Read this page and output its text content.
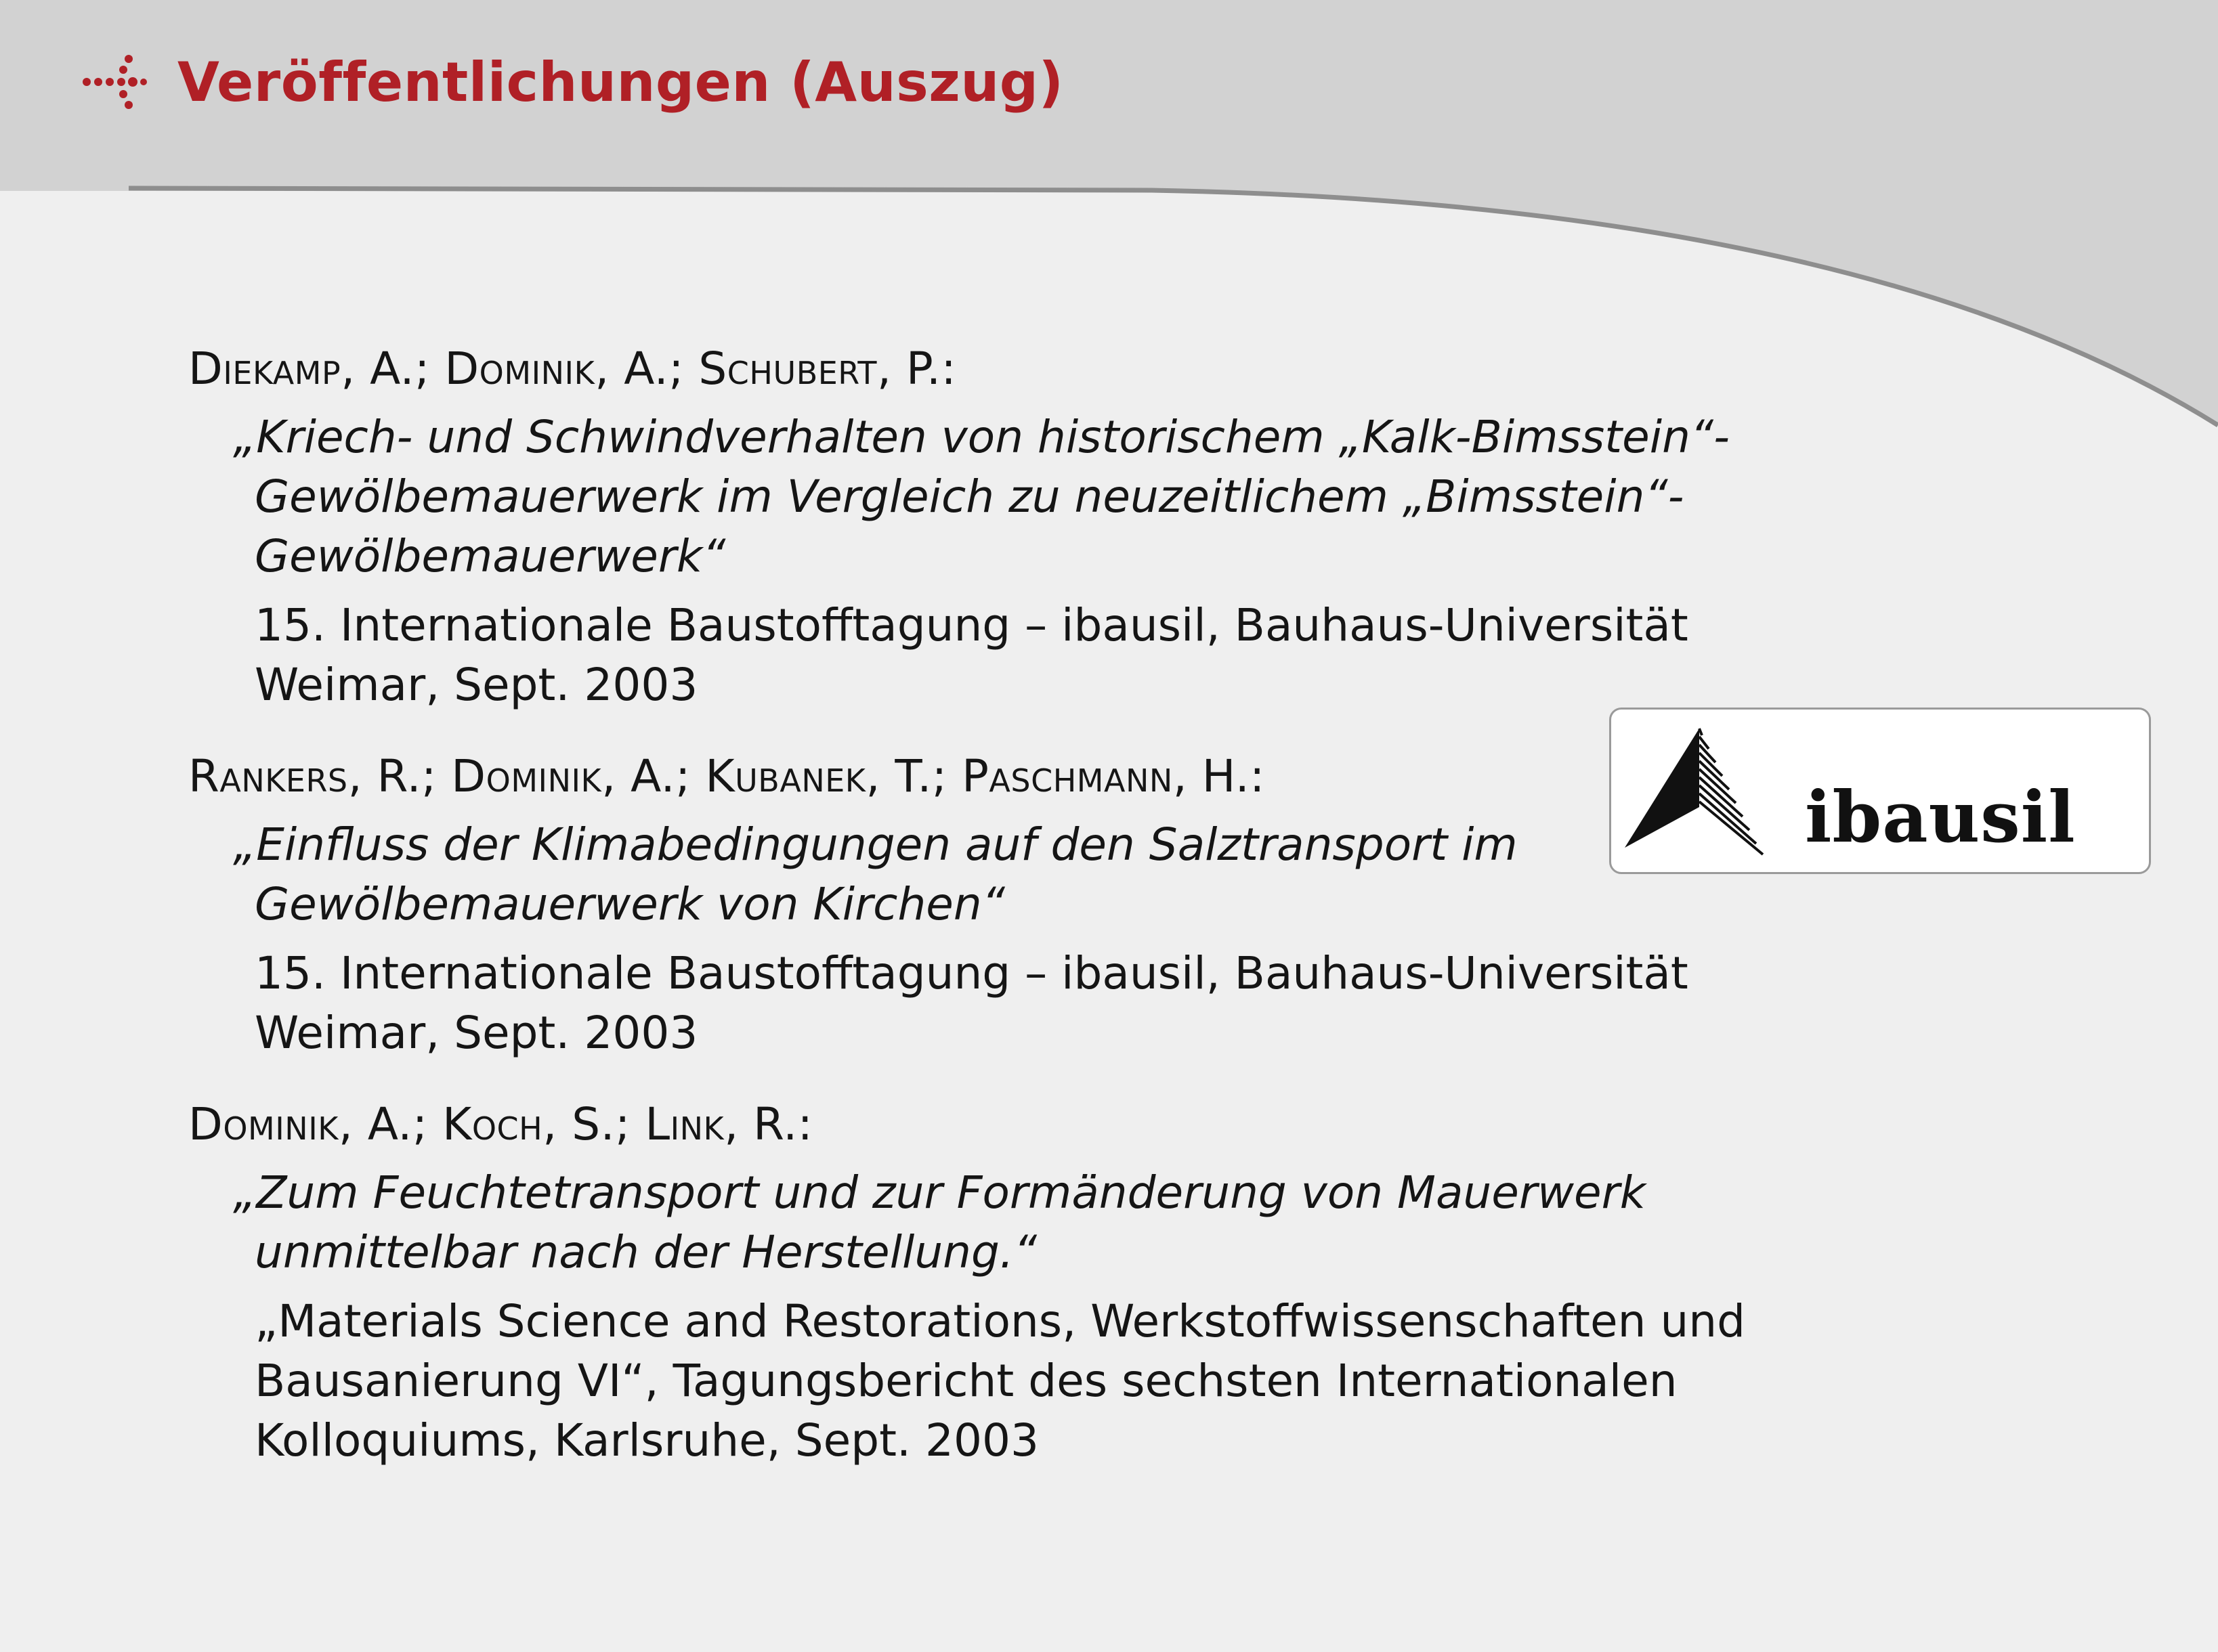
Veröffentlichungen (Auszug)
Diekamp, A.; Dominik, A.; Schubert, P.:
„Kriech- und Schwindverhalten von historischem „Kalk-Bimsstein“-
Gewölbemauerwerk im Vergleich zu neuzeitlichem „Bimsstein“-
Gewölbemauerwerk“
15. Internationale Baustofftagung – ibausil, Bauhaus-Universität
Weimar, Sept. 2003
Rankers, R.; Dominik, A.; Kubanek, T.; Paschmann, H.:
„Einfluss der Klimabedingungen auf den Salztransport im
Gewölbemauerwerk von Kirchen“
15. Internationale Baustofftagung – ibausil, Bauhaus-Universität
Weimar, Sept. 2003
Dominik, A.; Koch, S.; Link, R.:
„Zum Feuchtetransport und zur Formänderung von Mauerwerk
unmittelbar nach der Herstellung.“
„Materials Science and Restorations, Werkstoffwissenschaften und
Bausanierung VI“, Tagungsbericht des sechsten Internationalen
Kolloquiums, Karlsruhe, Sept. 2003
ibausil
